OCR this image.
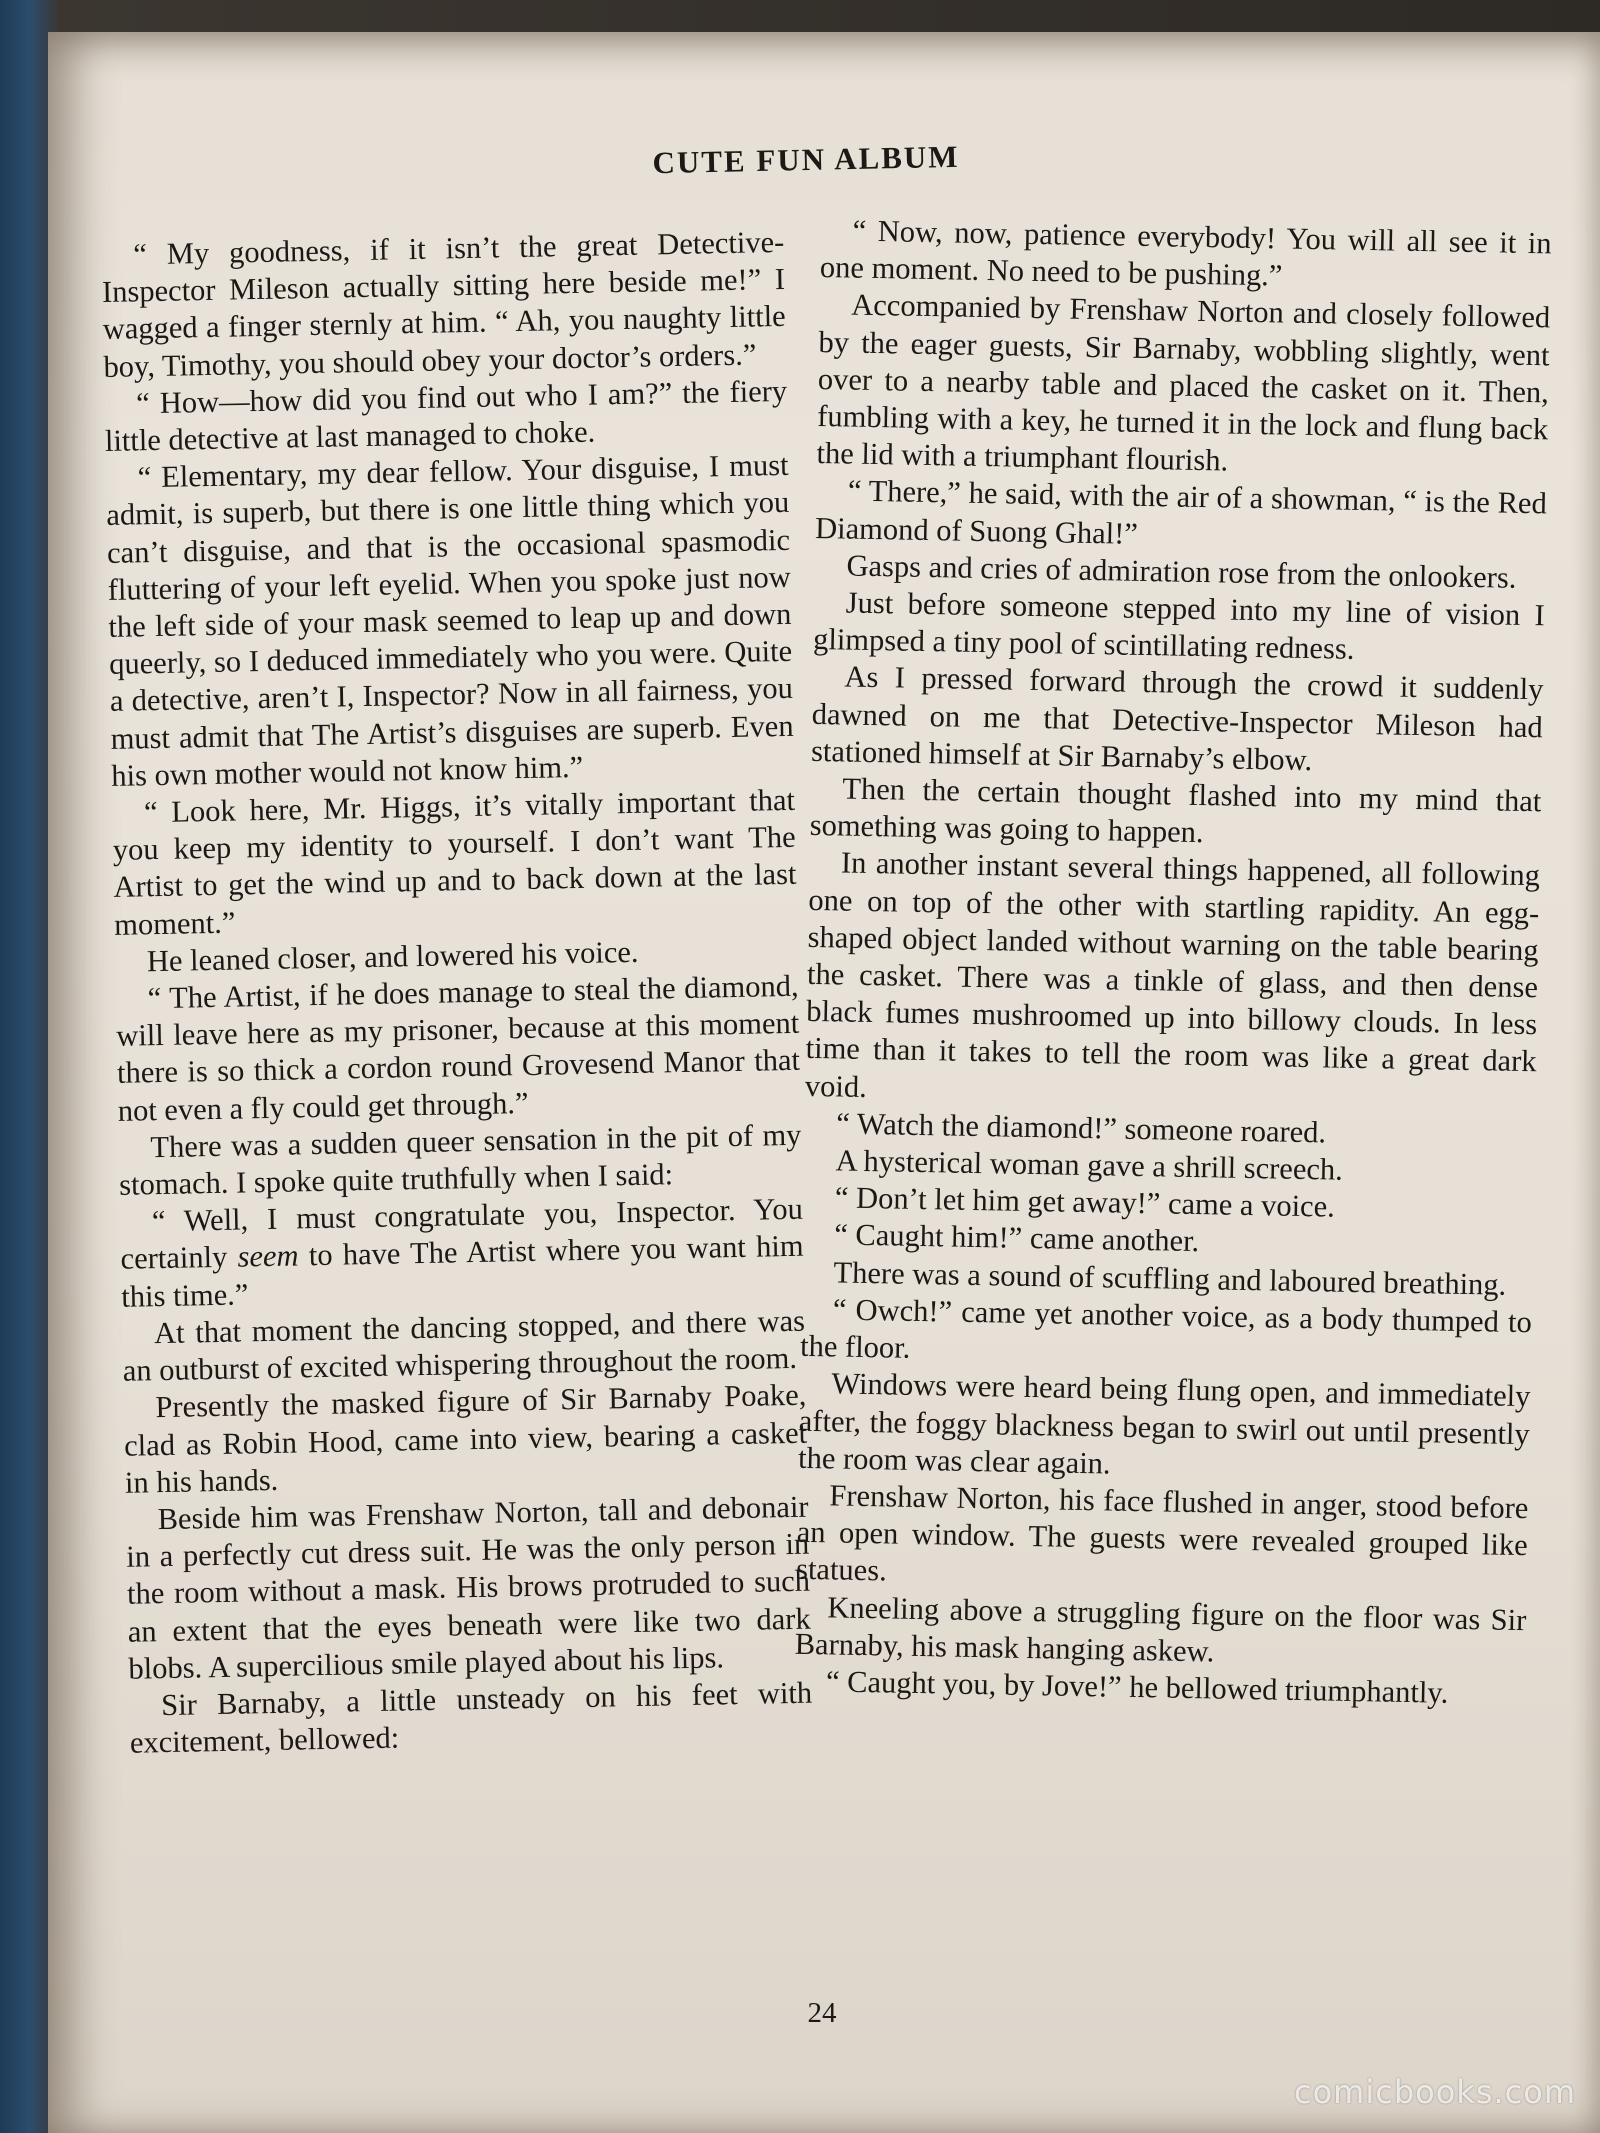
CUTE FUN ALBUM

“ My goodness, if it isn’t the great Detective-Inspector Mileson actually sitting here beside me!” I wagged a finger sternly at him. “ Ah, you naughty little boy, Timothy, you should obey your doctor’s orders.”

“ How—how did you find out who I am?” the fiery little detective at last managed to choke.

“ Elementary, my dear fellow. Your disguise, I must admit, is superb, but there is one little thing which you can’t disguise, and that is the occasional spasmodic fluttering of your left eyelid. When you spoke just now the left side of your mask seemed to leap up and down queerly, so I deduced immediately who you were. Quite a detective, aren’t I, Inspector? Now in all fairness, you must admit that The Artist’s disguises are superb. Even his own mother would not know him.”

“ Look here, Mr. Higgs, it’s vitally important that you keep my identity to yourself. I don’t want The Artist to get the wind up and to back down at the last moment.”

He leaned closer, and lowered his voice.

“ The Artist, if he does manage to steal the diamond, will leave here as my prisoner, because at this moment there is so thick a cordon round Grovesend Manor that not even a fly could get through.”

There was a sudden queer sensation in the pit of my stomach. I spoke quite truthfully when I said:

“ Well, I must congratulate you, Inspector. You certainly seem to have The Artist where you want him this time.”

At that moment the dancing stopped, and there was an outburst of excited whispering throughout the room.

Presently the masked figure of Sir Barnaby Poake, clad as Robin Hood, came into view, bearing a casket in his hands.

Beside him was Frenshaw Norton, tall and debonair in a perfectly cut dress suit. He was the only person in the room without a mask. His brows protruded to such an extent that the eyes beneath were like two dark blobs. A supercilious smile played about his lips.

Sir Barnaby, a little unsteady on his feet with excitement, bellowed:

“ Now, now, patience everybody! You will all see it in one moment. No need to be pushing.”

Accompanied by Frenshaw Norton and closely followed by the eager guests, Sir Barnaby, wobbling slightly, went over to a nearby table and placed the casket on it. Then, fumbling with a key, he turned it in the lock and flung back the lid with a triumphant flourish.

“ There,” he said, with the air of a showman, “ is the Red Diamond of Suong Ghal!”

Gasps and cries of admiration rose from the onlookers.

Just before someone stepped into my line of vision I glimpsed a tiny pool of scintillating redness.

As I pressed forward through the crowd it suddenly dawned on me that Detective-Inspector Mileson had stationed himself at Sir Barnaby’s elbow.

Then the certain thought flashed into my mind that something was going to happen.

In another instant several things happened, all following one on top of the other with startling rapidity. An egg-shaped object landed without warning on the table bearing the casket. There was a tinkle of glass, and then dense black fumes mushroomed up into billowy clouds. In less time than it takes to tell the room was like a great dark void.

“ Watch the diamond!” someone roared.

A hysterical woman gave a shrill screech.

“ Don’t let him get away!” came a voice.

“ Caught him!” came another.

There was a sound of scuffling and laboured breathing.

“ Owch!” came yet another voice, as a body thumped to the floor.

Windows were heard being flung open, and immediately after, the foggy blackness began to swirl out until presently the room was clear again.

Frenshaw Norton, his face flushed in anger, stood before an open window. The guests were revealed grouped like statues.

Kneeling above a struggling figure on the floor was Sir Barnaby, his mask hanging askew.

“ Caught you, by Jove!” he bellowed triumphantly.

24
comicbooks.com
